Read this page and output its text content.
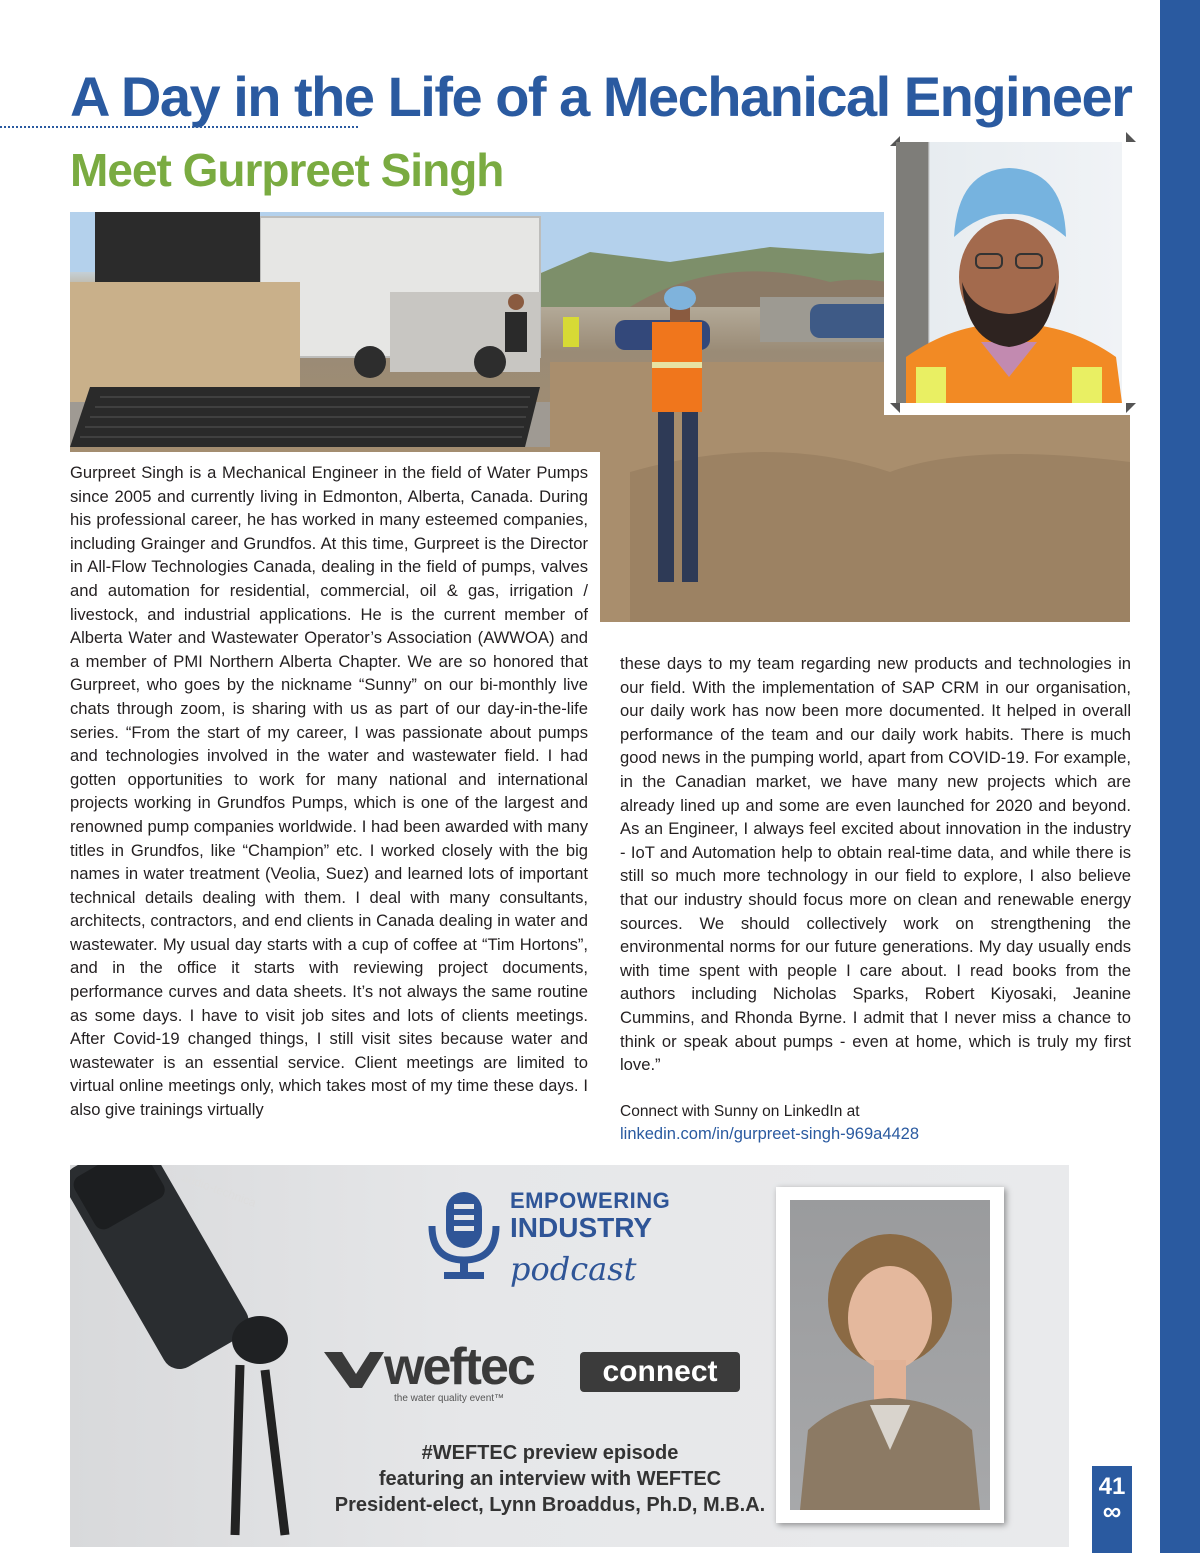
A Day in the Life of a Mechanical Engineer
Meet Gurpreet Singh
Gurpreet Singh is a Mechanical Engineer in the field of Water Pumps since 2005 and currently living in Edmonton, Alberta, Canada. During his professional career, he has worked in many esteemed companies, including Grainger and Grundfos. At this time, Gurpreet is the Director in All-Flow Technologies Canada, dealing in the field of pumps, valves and automation for residential, commercial, oil & gas, irrigation / livestock, and industrial applications. He is the current member of Alberta Water and Wastewater Operator’s Association (AWWOA) and a member of PMI Northern Alberta Chapter. We are so honored that Gurpreet, who goes by the nickname “Sunny” on our bi-monthly live chats through zoom, is sharing with us as part of our day-in-the-life series. “From the start of my career, I was passionate about pumps and technologies involved in the water and wastewater field. I had gotten opportunities to work for many national and international projects working in Grundfos Pumps, which is one of the largest and renowned pump companies worldwide. I had been awarded with many titles in Grundfos, like “Champion” etc. I worked closely with the big names in water treatment (Veolia, Suez) and learned lots of important technical details dealing with them. I deal with many consultants, architects, contractors, and end clients in Canada dealing in water and wastewater. My usual day starts with a cup of coffee at “Tim Hortons”, and in the office it starts with reviewing project documents, performance curves and data sheets. It’s not always the same routine as some days. I have to visit job sites and lots of clients meetings. After Covid-19 changed things, I still visit sites because water and wastewater is an essential service. Client meetings are limited to virtual online meetings only, which takes most of my time these days. I also give trainings virtually
these days to my team regarding new products and technologies in our field. With the implementation of SAP CRM in our organisation, our daily work has now been more documented. It helped in overall performance of the team and our daily work habits. There is much good news in the pumping world, apart from COVID-19. For example, in the Canadian market, we have many new projects which are already lined up and some are even launched for 2020 and beyond. As an Engineer, I always feel excited about innovation in the industry - IoT and Automation help to obtain real-time data, and while there is still so much more technology in our field to explore, I also believe that our industry should focus more on clean and renewable energy sources. We should collectively work on strengthening the environmental norms for our future generations. My day usually ends with time spent with people I care about. I read books from the authors including Nicholas Sparks, Robert Kiyosaki, Jeanine Cummins, and Rhonda Byrne. I admit that I never miss a chance to think or speak about pumps - even at home, which is truly my first love.”
Connect with Sunny on LinkedIn at
linkedin.com/in/gurpreet-singh-969a4428
audio-technica	EMPOWERING
INDUSTRY
podcast
weftec
the water quality event™
connect
#WEFTEC preview episode
featuring an interview with WEFTEC
President-elect, Lynn Broaddus, Ph.D, M.B.A.
41
∞
